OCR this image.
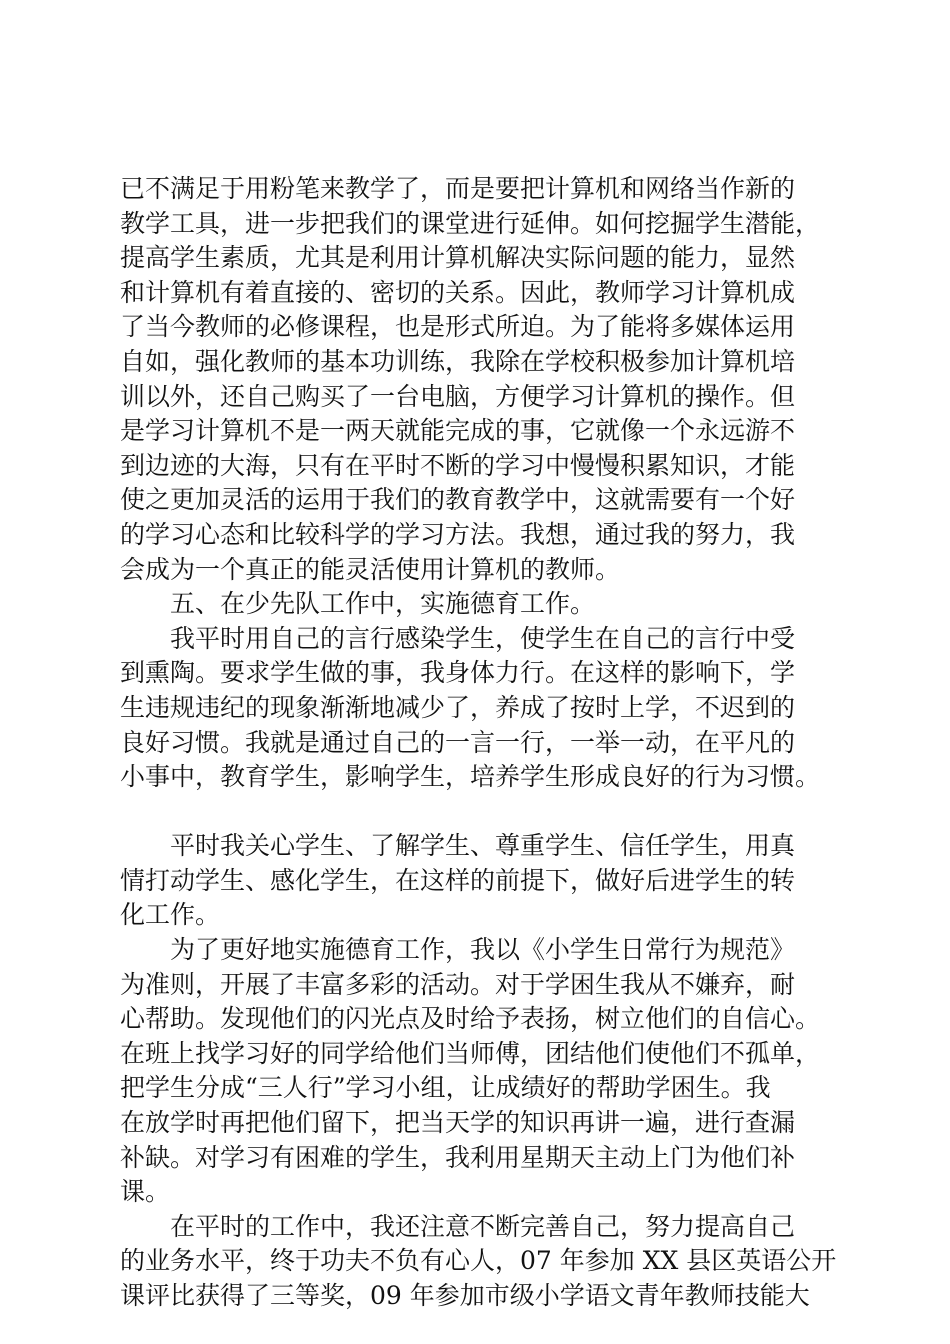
已不满足于用粉笔来教学了，而是要把计算机和网络当作新的
教学工具，进一步把我们的课堂进行延伸。如何挖掘学生潜能，
提高学生素质，尤其是利用计算机解决实际问题的能力，显然
和计算机有着直接的、密切的关系。因此，教师学习计算机成
了当今教师的必修课程，也是形式所迫。为了能将多媒体运用
自如，强化教师的基本功训练，我除在学校积极参加计算机培
训以外，还自己购买了一台电脑，方便学习计算机的操作。但
是学习计算机不是一两天就能完成的事，它就像一个永远游不
到边迹的大海，只有在平时不断的学习中慢慢积累知识，才能
使之更加灵活的运用于我们的教育教学中，这就需要有一个好
的学习心态和比较科学的学习方法。我想，通过我的努力，我
会成为一个真正的能灵活使用计算机的教师。

五、在少先队工作中，实施德育工作。

我平时用自己的言行感染学生，使学生在自己的言行中受
到熏陶。要求学生做的事，我身体力行。在这样的影响下，学
生违规违纪的现象渐渐地减少了，养成了按时上学，不迟到的
良好习惯。我就是通过自己的一言一行，一举一动，在平凡的
小事中，教育学生，影响学生，培养学生形成良好的行为习惯。

平时我关心学生、了解学生、尊重学生、信任学生，用真
情打动学生、感化学生，在这样的前提下，做好后进学生的转
化工作。

为了更好地实施德育工作，我以《小学生日常行为规范》
为准则，开展了丰富多彩的活动。对于学困生我从不嫌弃，耐
心帮助。发现他们的闪光点及时给予表扬，树立他们的自信心。
在班上找学习好的同学给他们当师傅，团结他们使他们不孤单，
把学生分成“三人行”学习小组，让成绩好的帮助学困生。我
在放学时再把他们留下，把当天学的知识再讲一遍，进行查漏
补缺。对学习有困难的学生，我利用星期天主动上门为他们补
课。

在平时的工作中，我还注意不断完善自己，努力提高自己
的业务水平，终于功夫不负有心人，07 年参加 XX 县区英语公开
课评比获得了三等奖，09 年参加市级小学语文青年教师技能大
